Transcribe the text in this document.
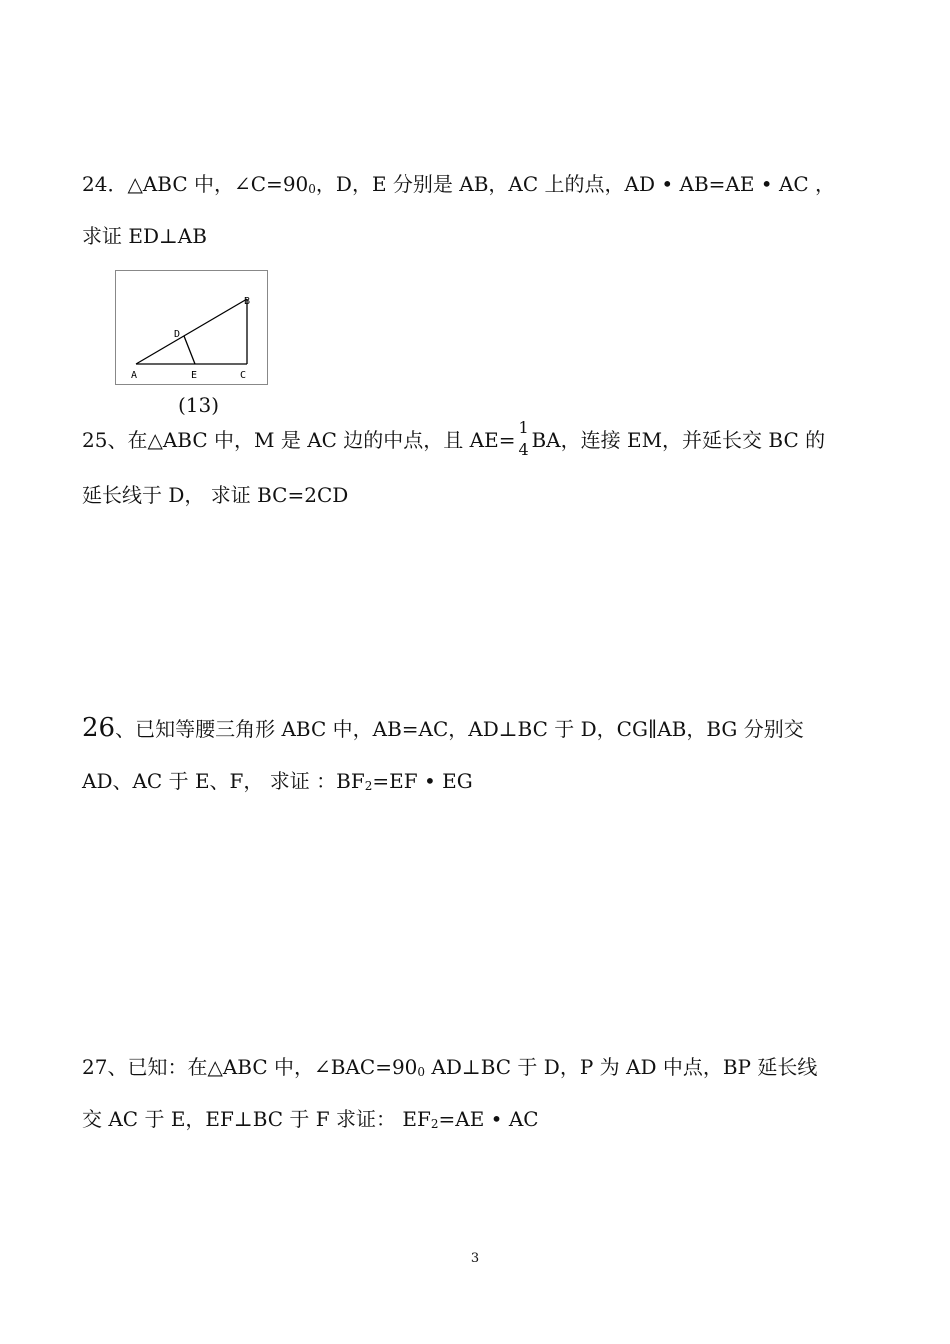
24．△ABC 中，∠C=900，D，E 分别是 AB，AC 上的点，AD • AB=AE • AC ，
求证 ED⊥AB
A	E	C
D
B
(13)
25、在△ABC 中，M 是 AC 边的中点，且 AE=
1
4 BA，连接 EM，并延长交 BC 的
延长线于 D， 求证 BC=2CD
26、已知等腰三角形 ABC 中，AB=AC，AD⊥BC 于 D，CG∥AB，BG 分别交
AD、AC 于 E、F， 求证 ：BF2=EF • EG
27、已知：在△ABC 中，∠BAC=900 AD⊥BC 于 D，P 为 AD 中点，BP 延长线
交 AC 于 E，EF⊥BC 于 F 求证： EF2=AE • AC
3
